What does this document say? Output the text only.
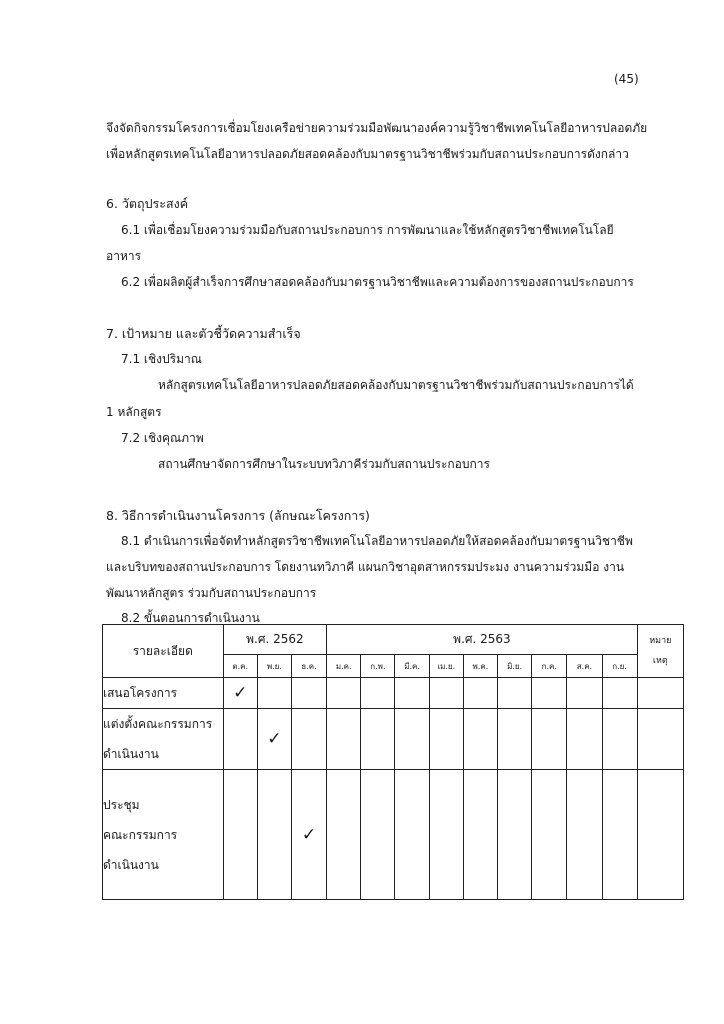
(45)
จึงจัดกิจกรรมโครงการเชื่อมโยงเครือข่ายความร่วมมือพัฒนาองค์ความรู้วิชาชีพเทคโนโลยีอาหารปลอดภัย
เพื่อหลักสูตรเทคโนโลยีอาหารปลอดภัยสอดคล้องกับมาตรฐานวิชาชีพร่วมกับสถานประกอบการดังกล่าว
6. วัตถุประสงค์
6.1 เพื่อเชื่อมโยงความร่วมมือกับสถานประกอบการ การพัฒนาและใช้หลักสูตรวิชาชีพเทคโนโลยี
อาหาร
6.2 เพื่อผลิตผู้สำเร็จการศึกษาสอดคล้องกับมาตรฐานวิชาชีพและความต้องการของสถานประกอบการ
7. เป้าหมาย และตัวชี้วัดความสำเร็จ
7.1 เชิงปริมาณ
หลักสูตรเทคโนโลยีอาหารปลอดภัยสอดคล้องกับมาตรฐานวิชาชีพร่วมกับสถานประกอบการได้
1 หลักสูตร
7.2 เชิงคุณภาพ
สถานศึกษาจัดการศึกษาในระบบทวิภาคีร่วมกับสถานประกอบการ
8. วิธีการดำเนินงานโครงการ (ลักษณะโครงการ)
8.1 ดำเนินการเพื่อจัดทำหลักสูตรวิชาชีพเทคโนโลยีอาหารปลอดภัยให้สอดคล้องกับมาตรฐานวิชาชีพ
และบริบทของสถานประกอบการ โดยงานทวิภาคี แผนกวิชาอุตสาหกรรมประมง งานความร่วมมือ งาน
พัฒนาหลักสูตร ร่วมกับสถานประกอบการ
8.2 ขั้นตอนการดำเนินงาน
รายละเอียด	พ.ศ. 2562			พ.ศ. 2563									หมาย
เหตุ
	ต.ค.	พ.ย.	ธ.ค.	ม.ค.	ก.พ.	มี.ค.	เม.ย.	พ.ค.	มิ.ย.	ก.ค.	ส.ค.	ก.ย.	

เสนอโครงการ	✓												

แต่งตั้งคณะกรรมการ
ดำเนินงาน		✓											

ประชุม
คณะกรรมการ
ดำเนินงาน			✓										
